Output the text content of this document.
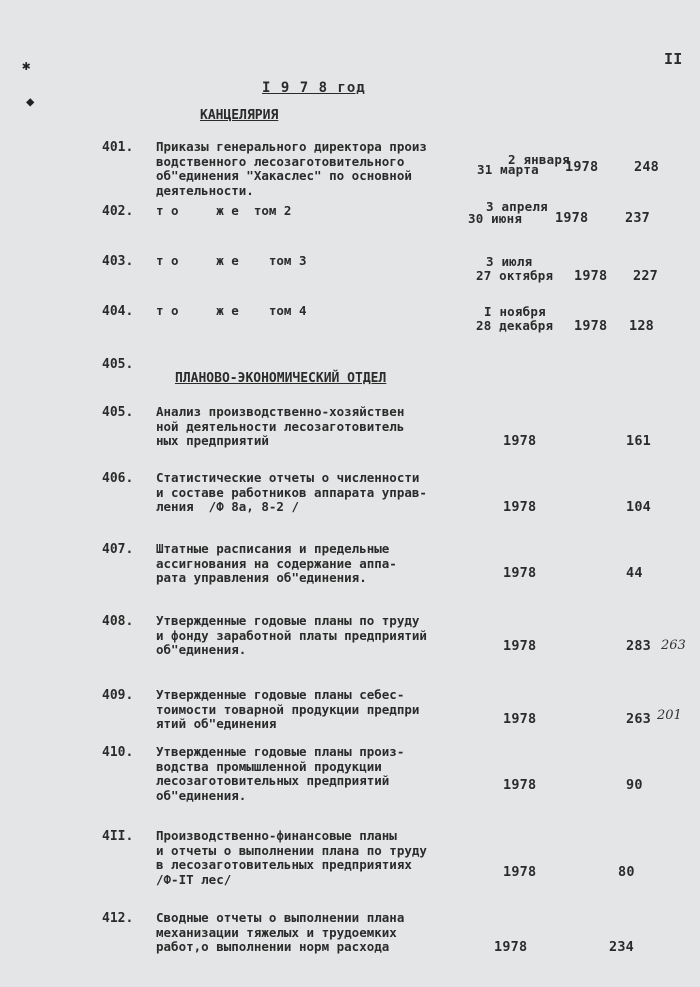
✱
◆
II
I 9 7 8 год
КАНЦЕЛЯРИЯ
401. Приказы генерального директора произ
водственного лесозаготовительного
об"единения "Хакаслес" по основной
деятельности.
2 января
31 марта 1978	248
402. т о     ж е  том 2	3 апреля
30 июня 1978	237
403. т о     ж е    том 3	3 июля
27 октября 1978 227
404. т о     ж е    том 4	I ноября
28 декабря 1978 128
405.
ПЛАНОВО-ЭКОНОМИЧЕСКИЙ ОТДЕЛ
405. Анализ производственно-хозяйствен
ной деятельности лесозаготовитель
ных предприятий	1978	161
406. Статистические отчеты о численности
и составе работников аппарата управ-
ления  /Ф 8а, 8-2 /	1978	104
407. Штатные расписания и предельные
ассигнования на содержание аппа-
рата управления об"единения.	1978	44
408. Утвержденные годовые планы по труду
и фонду заработной платы предприятий
об"единения.	1978	283 263
409. Утвержденные годовые планы себес-
тоимости товарной продукции предпри
ятий об"единения	1978	263 201
410. Утвержденные годовые планы произ-
водства промышленной продукции
лесозаготовительных предприятий
об"единения.
1978	90
4II. Производственно-финансовые планы
и отчеты о выполнении плана по труду
в лесозаготовительных предприятиях
/Ф-IТ лес/	1978	80
412. Сводные отчеты о выполнении плана
механизации тяжелых и трудоемких
работ,о выполнении норм расхода	1978	234
